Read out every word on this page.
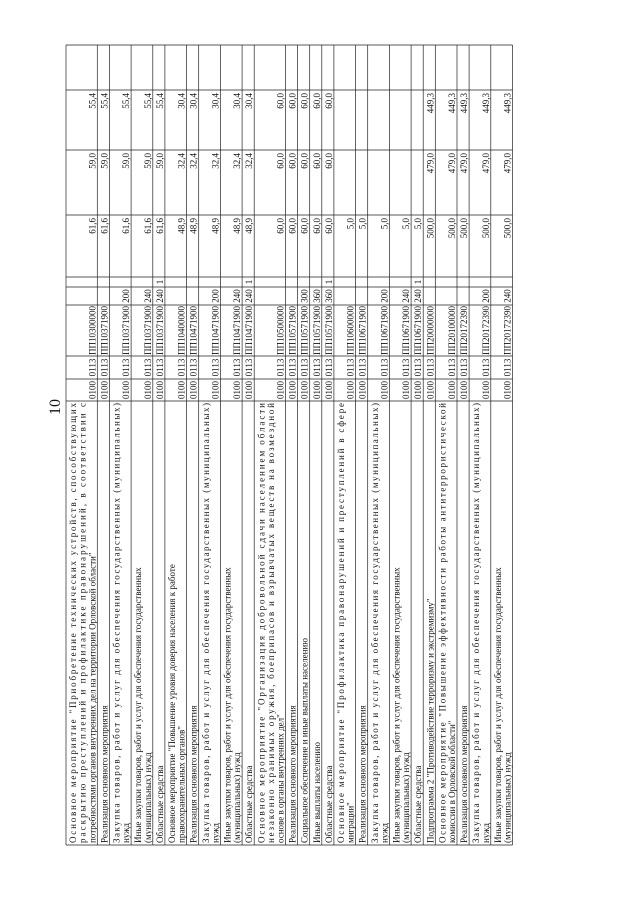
10
Основное мероприятие "Приобретение технических устройств, способствующих
раскрытию преступлений и профилактике правонарушений, в соответствии с
потребностями органов внутренних дел на территории Орловской области"
0100
0113
ПП10300000
61,6
59,0
55,4
Реализация основного мероприятия
0100
0113
ПП10371900
61,6
59,0
55,4
Закупка товаров, работ и услуг для обеспечения государственных (муниципальных)
нужд
0100
0113
ПП10371900
200
61,6
59,0
55,4
Иные закупки товаров, работ и услуг для обеспечения государственных (муниципальных) нужд
0100
0113
ПП10371900
240
61,6
59,0
55,4
Областные средства
0100
0113
ПП10371900
240
1
61,6
59,0
55,4
Основное мероприятие "Повышение уровня доверия населения к работе правоохранительных органов"
0100
0113
ПП10400000
48,9
32,4
30,4
Реализация основного мероприятия
0100
0113
ПП10471900
48,9
32,4
30,4
Закупка товаров, работ и услуг для обеспечения государственных (муниципальных)
нужд
0100
0113
ПП10471900
200
48,9
32,4
30,4
Иные закупки товаров, работ и услуг для обеспечения государственных (муниципальных) нужд
0100
0113
ПП10471900
240
48,9
32,4
30,4
Областные средства
0100
0113
ПП10471900
240
1
48,9
32,4
30,4
Основное мероприятие "Организация добровольной сдачи населением области
незаконно хранимых оружия, боеприпасов и взрывчатых веществ на возмездной
основе в органы внутренних дел"
0100
0113
ПП10500000
60,0
60,0
60,0
Реализация основного мероприятия
0100
0113
ПП10571900
60,0
60,0
60,0
Социальное обеспечение и иные выплаты населению
0100
0113
ПП10571900
300
60,0
60,0
60,0
Иные выплаты населению
0100
0113
ПП10571900
360
60,0
60,0
60,0
Областные средства
0100
0113
ПП10571900
360
1
60,0
60,0
60,0
Основное мероприятие "Профилактика правонарушений и преступлений в сфере
миграции"
0100
0113
ПП10600000
5,0
Реализация основного мероприятия
0100
0113
ПП10671900
5,0
Закупка товаров, работ и услуг для обеспечения государственных (муниципальных)
нужд
0100
0113
ПП10671900
200
5,0
Иные закупки товаров, работ и услуг для обеспечения государственных (муниципальных) нужд
0100
0113
ПП10671900
240
5,0
Областные средства
0100
0113
ПП10671900
240
1
5,0
Подпрограмма 2 "Противодействие терроризму и экстремизму"
0100
0113
ПП20000000
500,0
479,0
449,3
Основное мероприятие "Повышение эффективности работы антитеррористической
комиссии в Орловской области"
0100
0113
ПП20100000
500,0
479,0
449,3
Реализация основного мероприятия
0100
0113
ПП20172390
500,0
479,0
449,3
Закупка товаров, работ и услуг для обеспечения государственных (муниципальных)
нужд
0100
0113
ПП20172390
200
500,0
479,0
449,3
Иные закупки товаров, работ и услуг для обеспечения государственных (муниципальных) нужд
0100
0113
ПП20172390
240
500,0
479,0
449,3
